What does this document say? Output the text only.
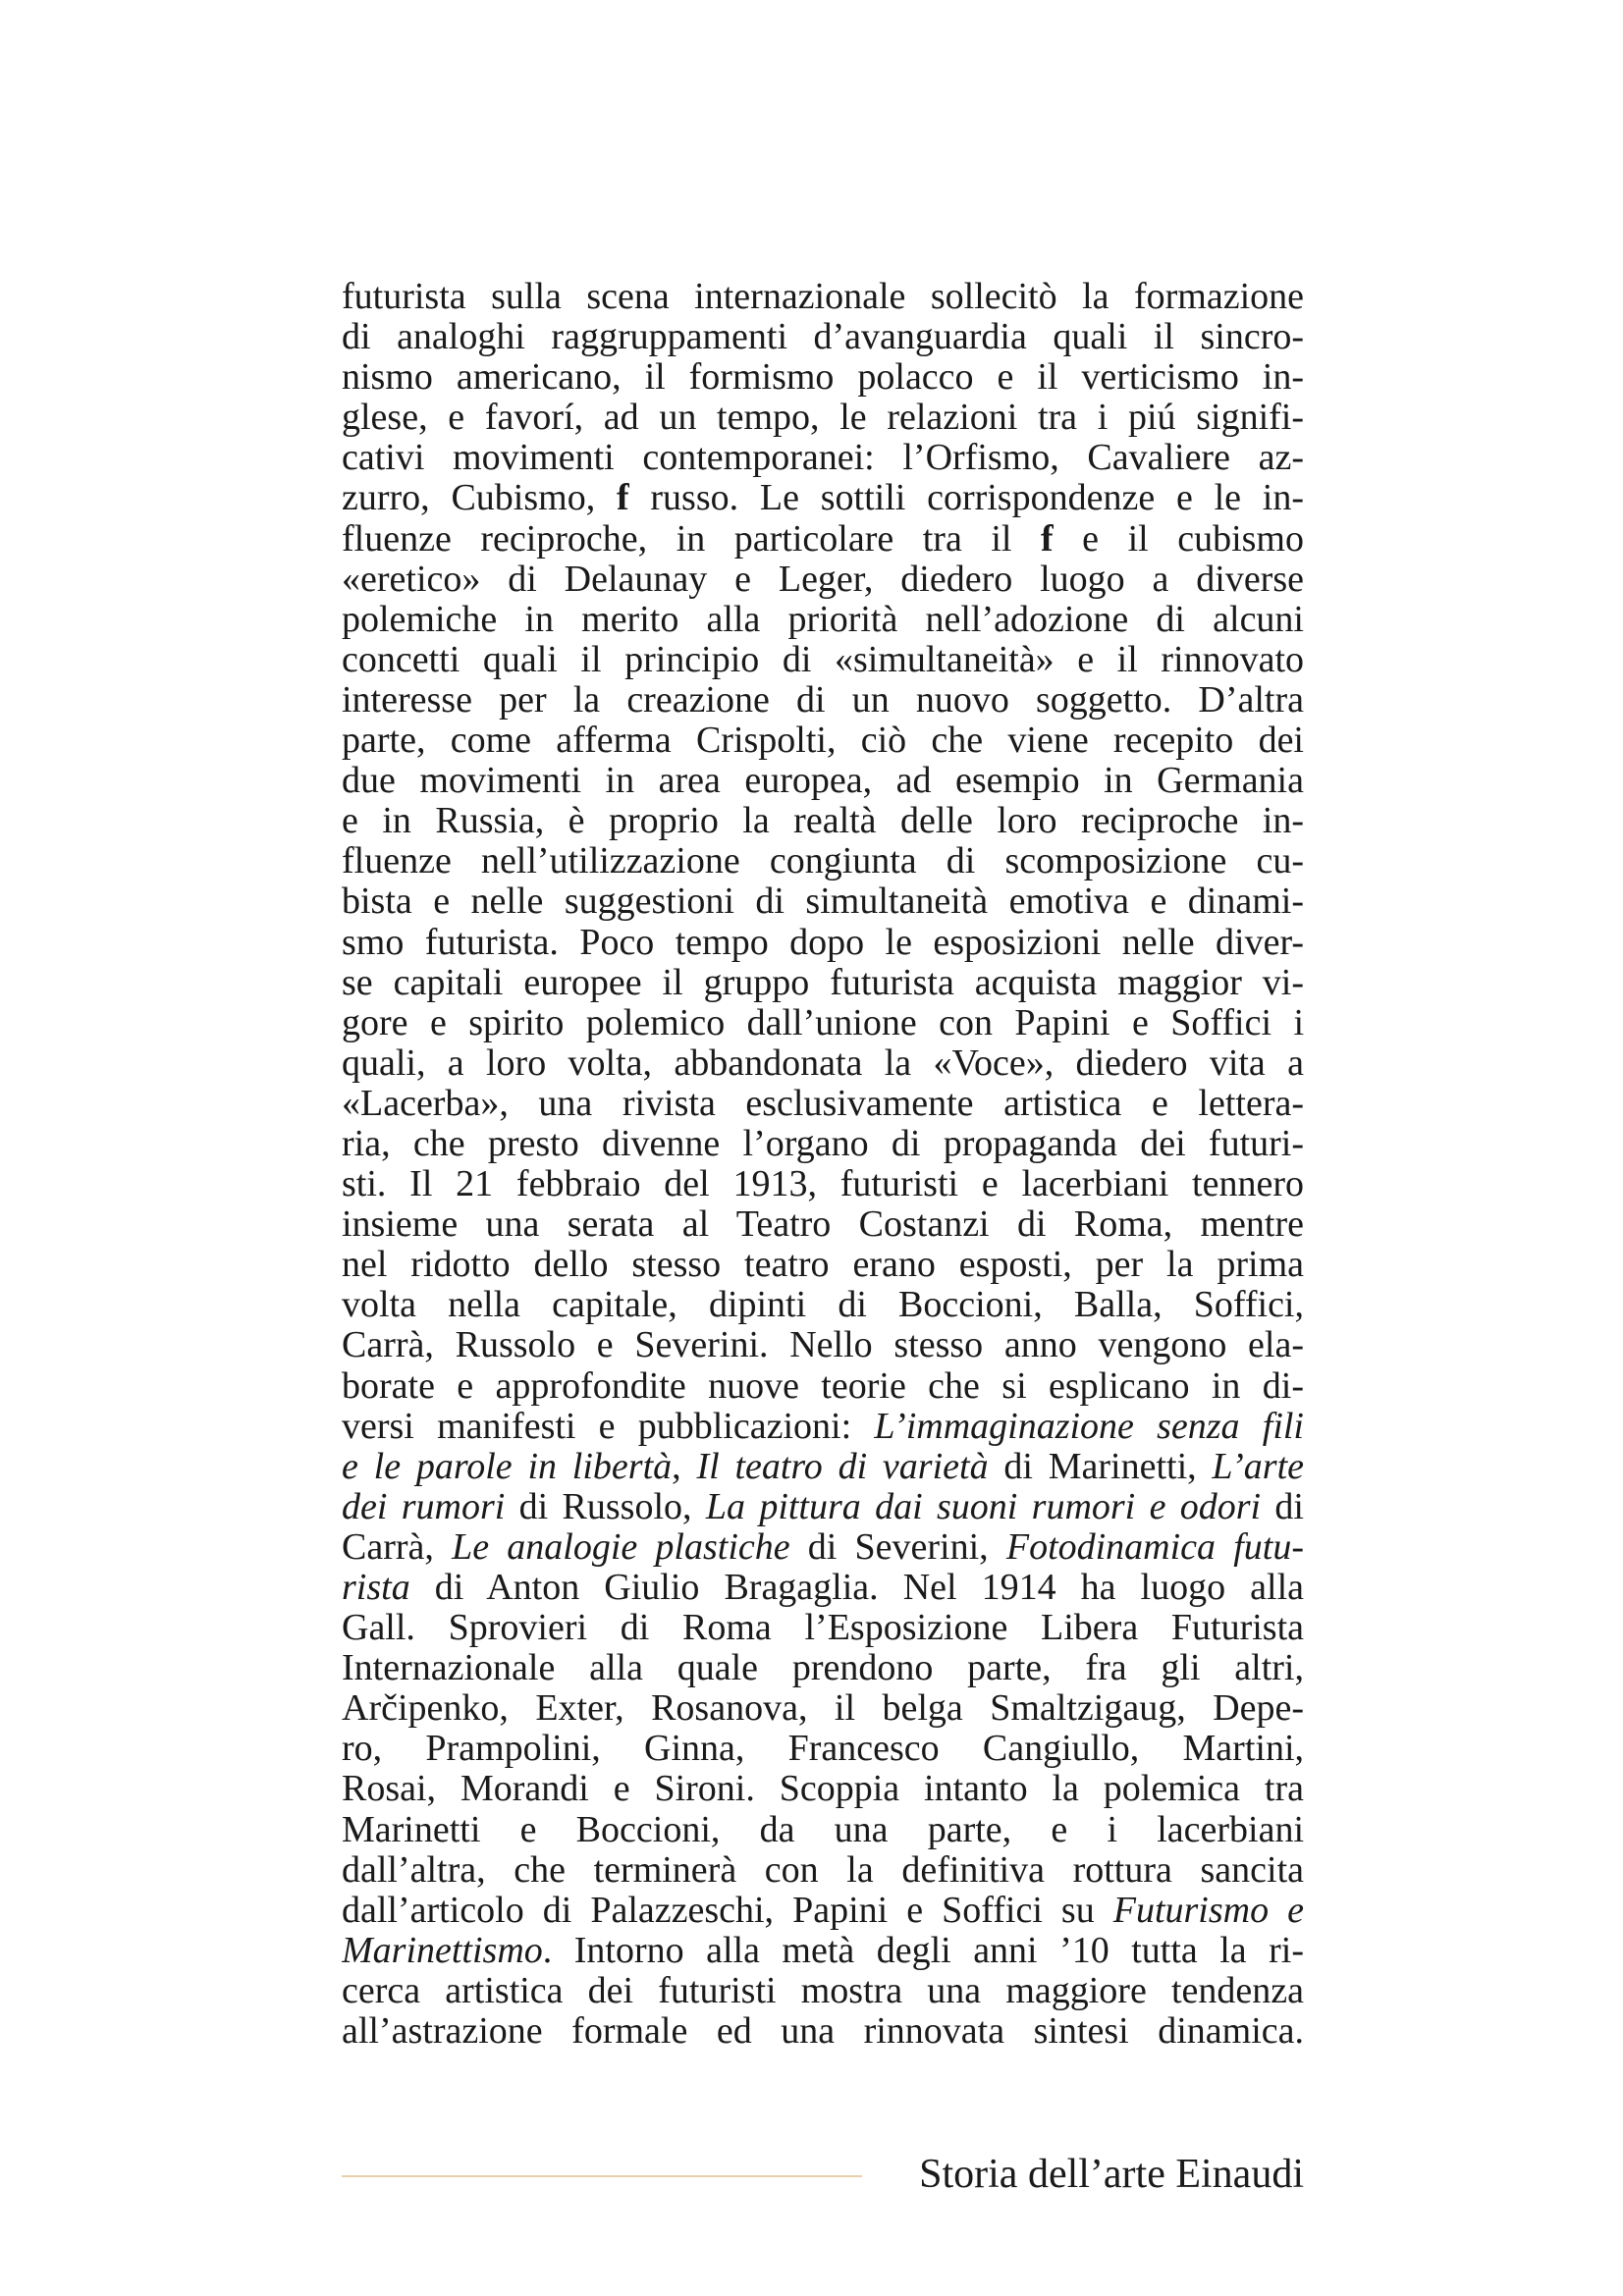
futurista sulla scena internazionale sollecitò la formazione
di analoghi raggruppamenti d’avanguardia quali il sincro-
nismo americano, il formismo polacco e il verticismo in-
glese, e favorí, ad un tempo, le relazioni tra i piú signifi-
cativi movimenti contemporanei: l’Orfismo, Cavaliere az-
zurro, Cubismo, f russo. Le sottili corrispondenze e le in-
fluenze reciproche, in particolare tra il f e il cubismo
«eretico» di Delaunay e Leger, diedero luogo a diverse
polemiche in merito alla priorità nell’adozione di alcuni
concetti quali il principio di «simultaneità» e il rinnovato
interesse per la creazione di un nuovo soggetto. D’altra
parte, come afferma Crispolti, ciò che viene recepito dei
due movimenti in area europea, ad esempio in Germania
e in Russia, è proprio la realtà delle loro reciproche in-
fluenze nell’utilizzazione congiunta di scomposizione cu-
bista e nelle suggestioni di simultaneità emotiva e dinami-
smo futurista. Poco tempo dopo le esposizioni nelle diver-
se capitali europee il gruppo futurista acquista maggior vi-
gore e spirito polemico dall’unione con Papini e Soffici i
quali, a loro volta, abbandonata la «Voce», diedero vita a
«Lacerba», una rivista esclusivamente artistica e lettera-
ria, che presto divenne l’organo di propaganda dei futuri-
sti. Il 21 febbraio del 1913, futuristi e lacerbiani tennero
insieme una serata al Teatro Costanzi di Roma, mentre
nel ridotto dello stesso teatro erano esposti, per la prima
volta nella capitale, dipinti di Boccioni, Balla, Soffici,
Carrà, Russolo e Severini. Nello stesso anno vengono ela-
borate e approfondite nuove teorie che si esplicano in di-
versi manifesti e pubblicazioni: L’immaginazione senza fili
e le parole in libertà, Il teatro di varietà di Marinetti, L’arte
dei rumori di Russolo, La pittura dai suoni rumori e odori di
Carrà, Le analogie plastiche di Severini, Fotodinamica futu-
rista di Anton Giulio Bragaglia. Nel 1914 ha luogo alla
Gall. Sprovieri di Roma l’Esposizione Libera Futurista
Internazionale alla quale prendono parte, fra gli altri,
Arčipenko, Exter, Rosanova, il belga Smaltzigaug, Depe-
ro, Prampolini, Ginna, Francesco Cangiullo, Martini,
Rosai, Morandi e Sironi. Scoppia intanto la polemica tra
Marinetti e Boccioni, da una parte, e i lacerbiani
dall’altra, che terminerà con la definitiva rottura sancita
dall’articolo di Palazzeschi, Papini e Soffici su Futurismo e
Marinettismo. Intorno alla metà degli anni ’10 tutta la ri-
cerca artistica dei futuristi mostra una maggiore tendenza
all’astrazione formale ed una rinnovata sintesi dinamica.
Storia dell’arte Einaudi
